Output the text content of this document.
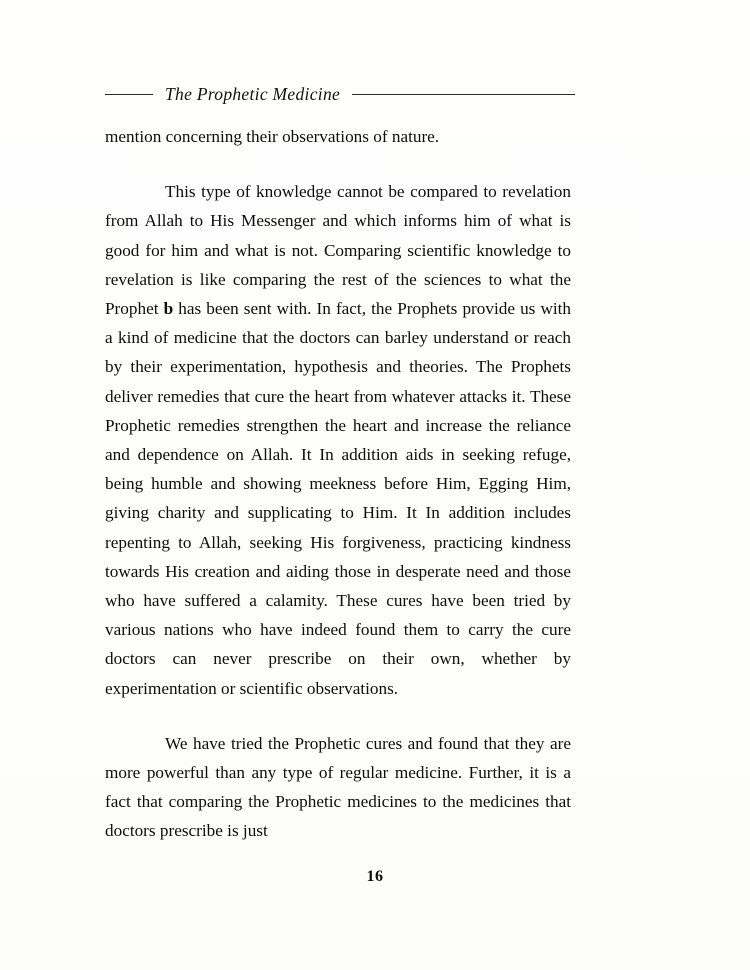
The Prophetic Medicine

mention concerning their observations of nature.

This type of knowledge cannot be compared to revelation from Allah to His Messenger and which informs him of what is good for him and what is not. Comparing scientific knowledge to revelation is like comparing the rest of the sciences to what the Prophet b has been sent with. In fact, the Prophets provide us with a kind of medicine that the doctors can barley understand or reach by their experimentation, hypothesis and theories. The Prophets deliver remedies that cure the heart from whatever attacks it. These Prophetic remedies strengthen the heart and increase the reliance and dependence on Allah. It In addition aids in seeking refuge, being humble and showing meekness before Him, Egging Him, giving charity and supplicating to Him. It In addition includes repenting to Allah, seeking His forgiveness, practicing kindness towards His creation and aiding those in desperate need and those who have suffered a calamity. These cures have been tried by various nations who have indeed found them to carry the cure doctors can never prescribe on their own, whether by experimentation or scientific observations.

We have tried the Prophetic cures and found that they are more powerful than any type of regular medicine. Further, it is a fact that comparing the Prophetic medicines to the medicines that doctors prescribe is just

16
